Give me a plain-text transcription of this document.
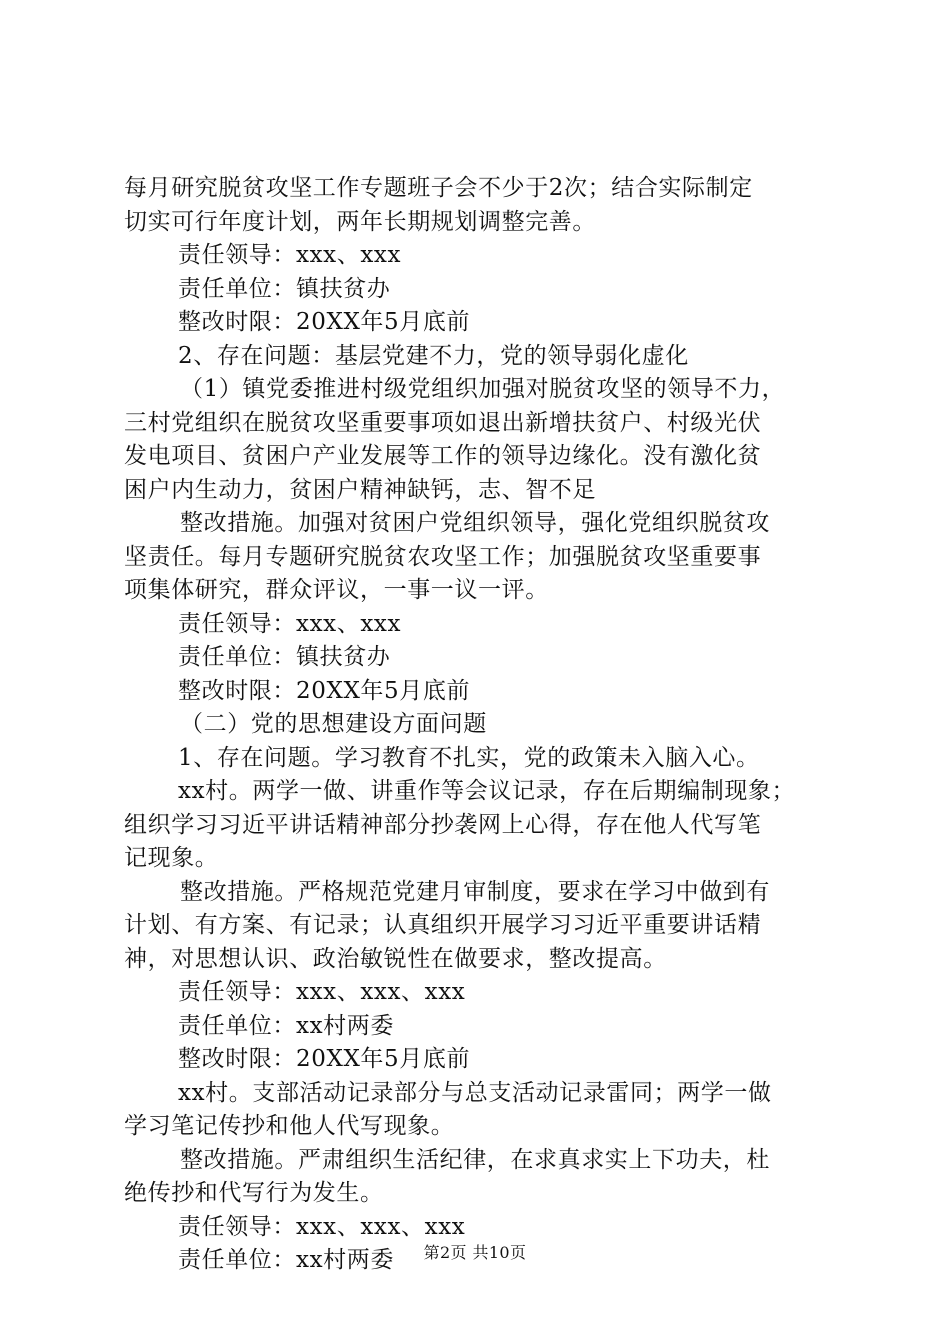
每月研究脱贫攻坚工作专题班子会不少于2次；结合实际制定
切实可行年度计划，两年长期规划调整完善。
责任领导：xxx、xxx
责任单位：镇扶贫办
整改时限：20XX年5月底前
2、存在问题：基层党建不力，党的领导弱化虚化
（1）镇党委推进村级党组织加强对脱贫攻坚的领导不力，
三村党组织在脱贫攻坚重要事项如退出新增扶贫户、村级光伏
发电项目、贫困户产业发展等工作的领导边缘化。没有激化贫
困户内生动力，贫困户精神缺钙，志、智不足
整改措施。加强对贫困户党组织领导，强化党组织脱贫攻
坚责任。每月专题研究脱贫农攻坚工作；加强脱贫攻坚重要事
项集体研究，群众评议，一事一议一评。
责任领导：xxx、xxx
责任单位：镇扶贫办
整改时限：20XX年5月底前
（二）党的思想建设方面问题
1、存在问题。学习教育不扎实，党的政策未入脑入心。
xx村。两学一做、讲重作等会议记录，存在后期编制现象；
组织学习习近平讲话精神部分抄袭网上心得，存在他人代写笔
记现象。
整改措施。严格规范党建月审制度，要求在学习中做到有
计划、有方案、有记录；认真组织开展学习习近平重要讲话精
神，对思想认识、政治敏锐性在做要求，整改提高。
责任领导：xxx、xxx、xxx
责任单位：xx村两委
整改时限：20XX年5月底前
xx村。支部活动记录部分与总支活动记录雷同；两学一做
学习笔记传抄和他人代写现象。
整改措施。严肃组织生活纪律，在求真求实上下功夫，杜
绝传抄和代写行为发生。
责任领导：xxx、xxx、xxx
责任单位：xx村两委	第2页 共10页
